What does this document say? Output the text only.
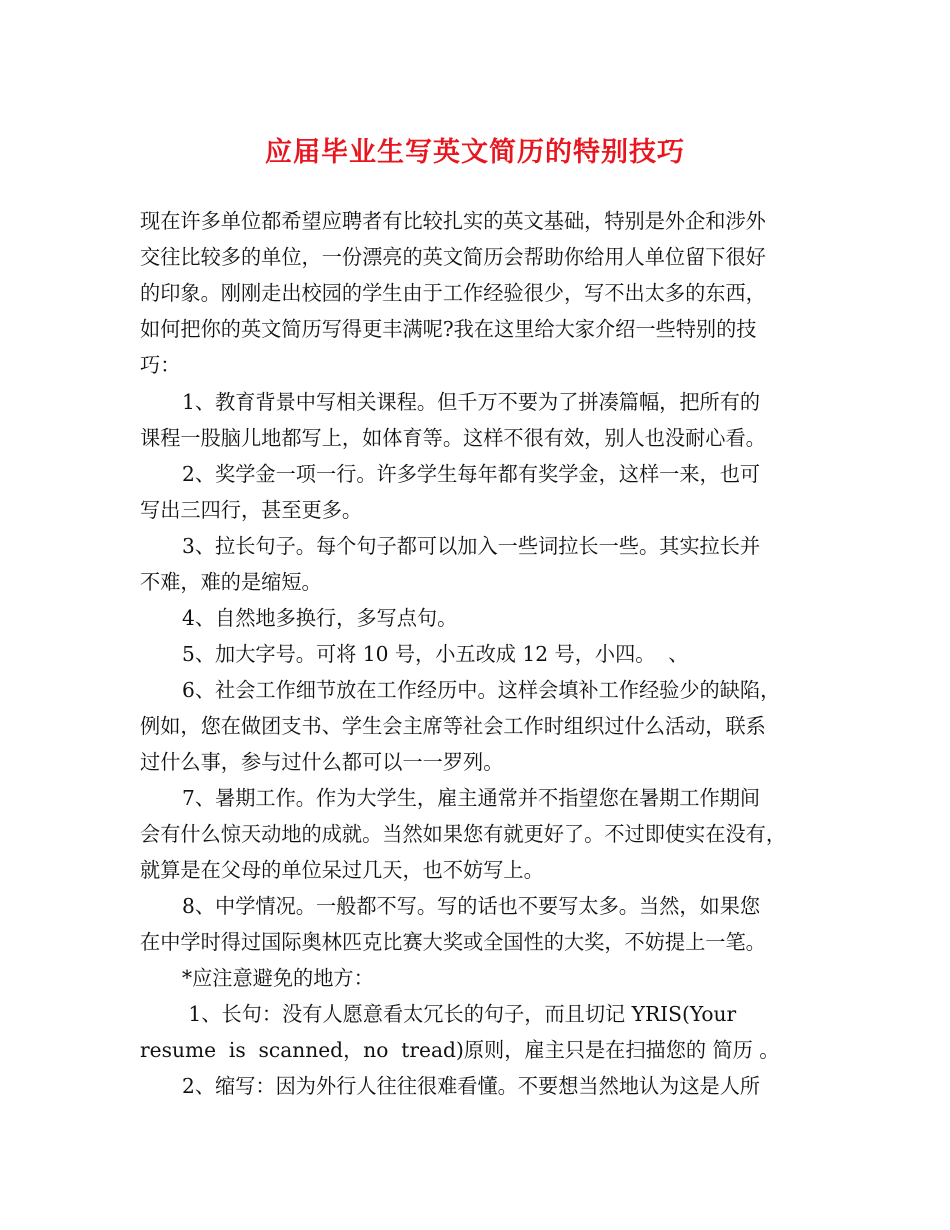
应届毕业生写英文简历的特别技巧
现在许多单位都希望应聘者有比较扎实的英文基础，特别是外企和涉外
交往比较多的单位，一份漂亮的英文简历会帮助你给用人单位留下很好
的印象。刚刚走出校园的学生由于工作经验很少，写不出太多的东西，
如何把你的英文简历写得更丰满呢?我在这里给大家介绍一些特别的技
巧：
1、教育背景中写相关课程。但千万不要为了拼凑篇幅，把所有的
课程一股脑儿地都写上，如体育等。这样不很有效，别人也没耐心看。
2、奖学金一项一行。许多学生每年都有奖学金，这样一来，也可
写出三四行，甚至更多。
3、拉长句子。每个句子都可以加入一些词拉长一些。其实拉长并
不难，难的是缩短。
4、自然地多换行，多写点句。
5、加大字号。可将 10 号，小五改成 12 号，小四。  、
6、社会工作细节放在工作经历中。这样会填补工作经验少的缺陷，
例如，您在做团支书、学生会主席等社会工作时组织过什么活动，联系
过什么事，参与过什么都可以一一罗列。
7、暑期工作。作为大学生，雇主通常并不指望您在暑期工作期间
会有什么惊天动地的成就。当然如果您有就更好了。不过即使实在没有，
就算是在父母的单位呆过几天，也不妨写上。
8、中学情况。一般都不写。写的话也不要写太多。当然，如果您
在中学时得过国际奥林匹克比赛大奖或全国性的大奖，不妨提上一笔。
*应注意避免的地方：
1、长句：没有人愿意看太冗长的句子，而且切记 YRIS(Your
resume  is  scanned，no  tread)原则，雇主只是在扫描您的 简历 。
2、缩写：因为外行人往往很难看懂。不要想当然地认为这是人所
